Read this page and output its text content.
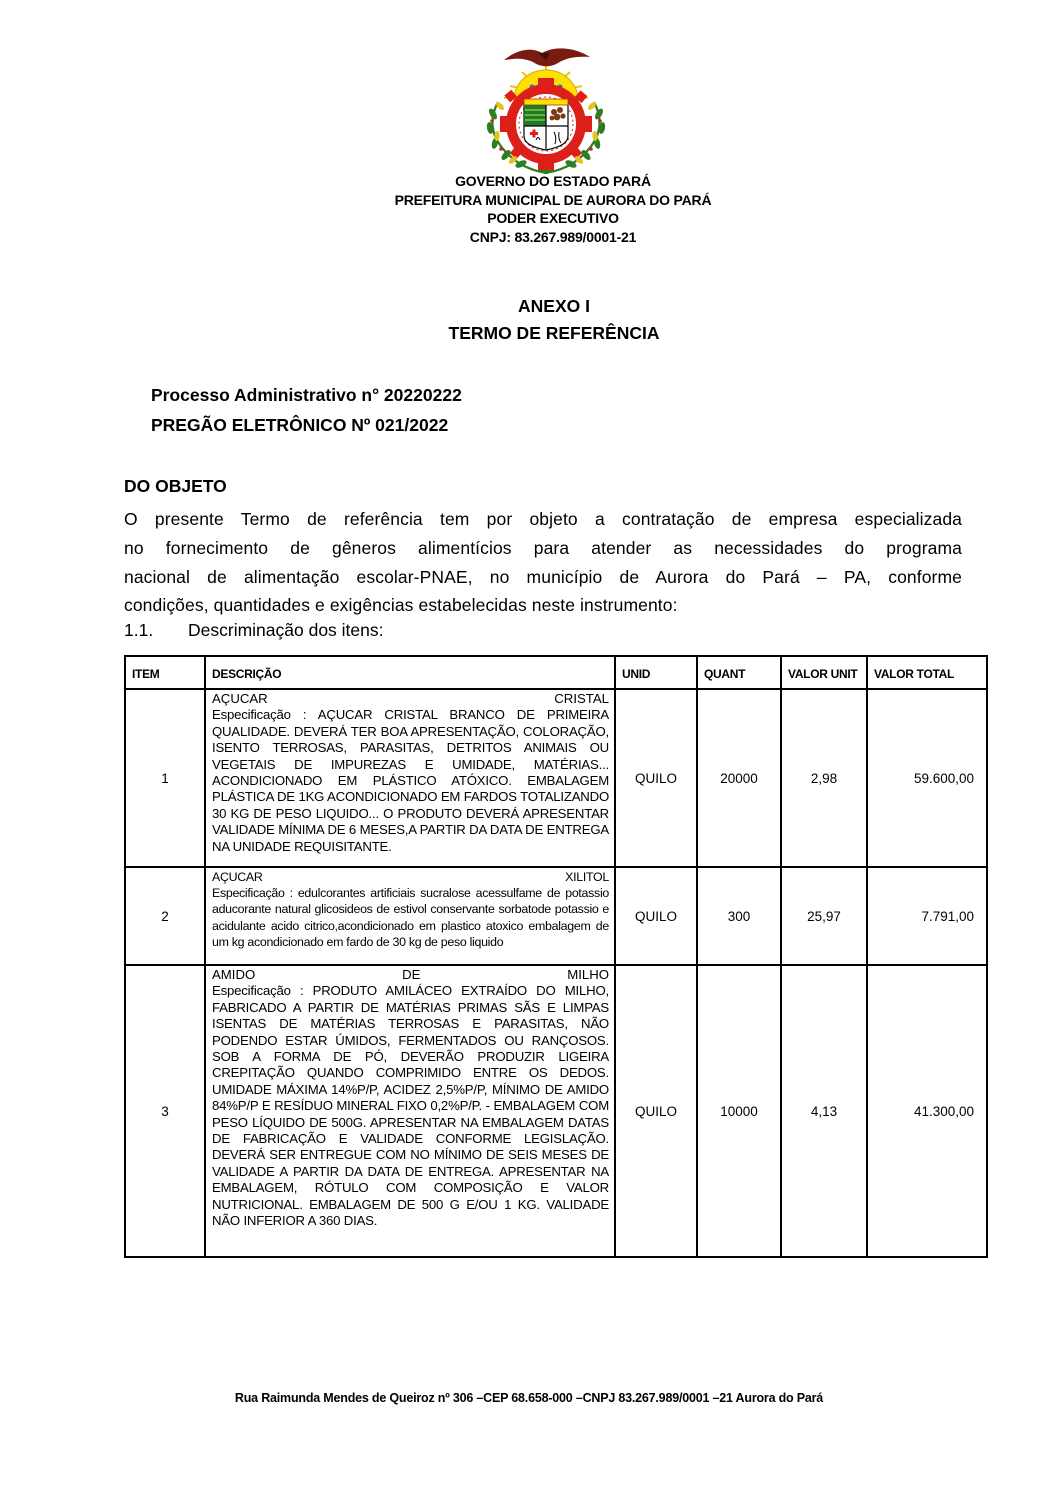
GOVERNO DO ESTADO PARÁ
PREFEITURA MUNICIPAL DE AURORA DO PARÁ
PODER EXECUTIVO
CNPJ: 83.267.989/0001-21
ANEXO I
TERMO DE REFERÊNCIA
Processo Administrativo n° 20220222
PREGÃO ELETRÔNICO Nº 021/2022
DO OBJETO
O presente Termo de referência tem por objeto a contratação de empresa especializada
no fornecimento de gêneros alimentícios para atender as necessidades do programa
nacional de alimentação escolar-PNAE, no município de Aurora do Pará – PA, conforme
condições, quantidades e exigências estabelecidas neste instrumento:
1.1. Descriminação dos itens:
ITEM	DESCRIÇÃO	UNID	QUANT	VALOR UNIT	VALOR TOTAL
1	AÇUCAR CRISTAL
Especificação : AÇUCAR CRISTAL BRANCO DE PRIMEIRA QUALIDADE. DEVERÁ TER BOA APRESENTAÇÃO, COLORAÇÃO, ISENTO TERROSAS, PARASITAS, DETRITOS ANIMAIS OU VEGETAIS DE IMPUREZAS E UMIDADE, MATÉRIAS... ACONDICIONADO EM PLÁSTICO ATÓXICO. EMBALAGEM PLÁSTICA DE 1KG ACONDICIONADO EM FARDOS TOTALIZANDO 30 KG DE PESO LIQUIDO... O PRODUTO DEVERÁ APRESENTAR VALIDADE MÍNIMA DE 6 MESES,A PARTIR DA DATA DE ENTREGA NA UNIDADE REQUISITANTE.	QUILO	20000	2,98	59.600,00
2	AÇUCAR XILITOL
Especificação : edulcorantes artificiais sucralose acessulfame de potassio aducorante natural glicosideos de estivol conservante sorbatode potassio e acidulante acido citrico,acondicionado em plastico atoxico embalagem de um kg acondicionado em fardo de 30 kg de peso liquido	QUILO	300	25,97	7.791,00
3	AMIDO DE MILHO
Especificação : PRODUTO AMILÁCEO EXTRAÍDO DO MILHO, FABRICADO A PARTIR DE MATÉRIAS PRIMAS SÃS E LIMPAS ISENTAS DE MATÉRIAS TERROSAS E PARASITAS, NÃO PODENDO ESTAR ÚMIDOS, FERMENTADOS OU RANÇOSOS. SOB A FORMA DE PÓ, DEVERÃO PRODUZIR LIGEIRA CREPITAÇÃO QUANDO COMPRIMIDO ENTRE OS DEDOS. UMIDADE MÁXIMA 14%P/P, ACIDEZ 2,5%P/P, MÍNIMO DE AMIDO 84%P/P E RESÍDUO MINERAL FIXO 0,2%P/P. - EMBALAGEM COM PESO LÍQUIDO DE 500G. APRESENTAR NA EMBALAGEM DATAS DE FABRICAÇÃO E VALIDADE CONFORME LEGISLAÇÃO. DEVERÁ SER ENTREGUE COM NO MÍNIMO DE SEIS MESES DE VALIDADE A PARTIR DA DATA DE ENTREGA. APRESENTAR NA EMBALAGEM, RÓTULO COM COMPOSIÇÃO E VALOR NUTRICIONAL. EMBALAGEM DE 500 G E/OU 1 KG. VALIDADE NÃO INFERIOR A 360 DIAS.	QUILO	10000	4,13	41.300,00
Rua Raimunda Mendes de Queiroz nº 306 –CEP 68.658-000 –CNPJ 83.267.989/0001 –21 Aurora do Pará
